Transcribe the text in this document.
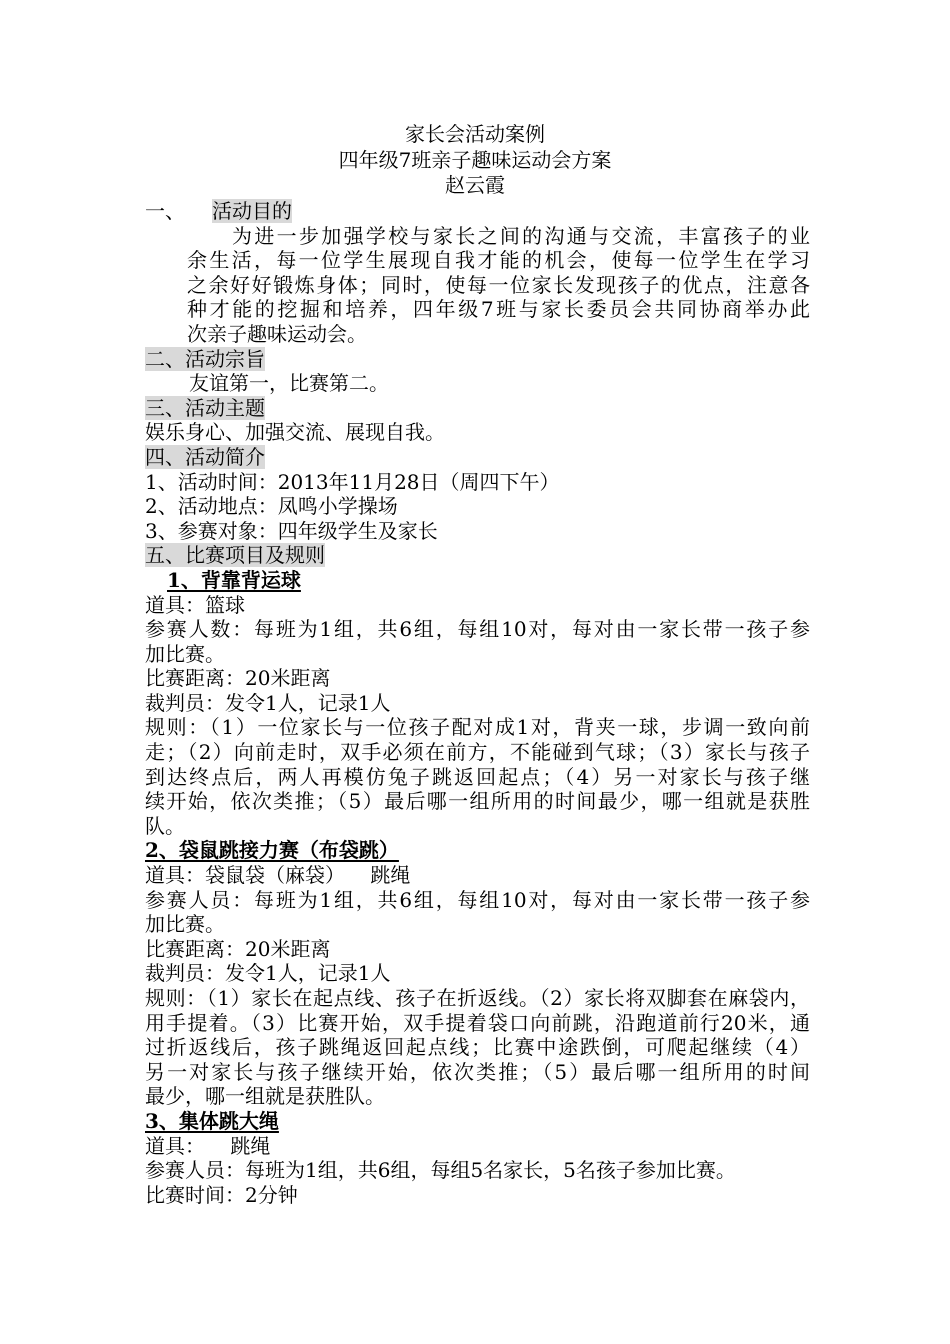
家长会活动案例
四年级7班亲子趣味运动会方案
赵云霞
一、 活动目的
为进一步加强学校与家长之间的沟通与交流，丰富孩子的业
余生活，每一位学生展现自我才能的机会，使每一位学生在学习
之余好好锻炼身体；同时，使每一位家长发现孩子的优点，注意各
种才能的挖掘和培养，四年级7班与家长委员会共同协商举办此
次亲子趣味运动会。
二、活动宗旨
友谊第一，比赛第二。
三、活动主题
娱乐身心、加强交流、展现自我。
四、活动简介
1、活动时间：2013年11月28日（周四下午）
2、活动地点：凤鸣小学操场
3、参赛对象：四年级学生及家长
五、比赛项目及规则
1、背靠背运球
道具：篮球
参赛人数：每班为1组，共6组，每组10对，每对由一家长带一孩子参
加比赛。
比赛距离：20米距离
裁判员：发令1人，记录1人
规则：（1）一位家长与一位孩子配对成1对，背夹一球，步调一致向前
走；（2）向前走时，双手必须在前方，不能碰到气球；（3）家长与孩子
到达终点后，两人再模仿兔子跳返回起点；（4）另一对家长与孩子继
续开始，依次类推；（5）最后哪一组所用的时间最少，哪一组就是获胜
队。
2、袋鼠跳接力赛（布袋跳）
道具：袋鼠袋（麻袋）    跳绳
参赛人员：每班为1组，共6组，每组10对，每对由一家长带一孩子参
加比赛。
比赛距离：20米距离
裁判员：发令1人，记录1人
规则：（1）家长在起点线、孩子在折返线。（2）家长将双脚套在麻袋内，
用手提着。（3）比赛开始，双手提着袋口向前跳，沿跑道前行20米，通
过折返线后，孩子跳绳返回起点线；比赛中途跌倒，可爬起继续（4）
另一对家长与孩子继续开始，依次类推；（5）最后哪一组所用的时间
最少，哪一组就是获胜队。
3、集体跳大绳
道具：    跳绳
参赛人员：每班为1组，共6组，每组5名家长，5名孩子参加比赛。
比赛时间：2分钟
